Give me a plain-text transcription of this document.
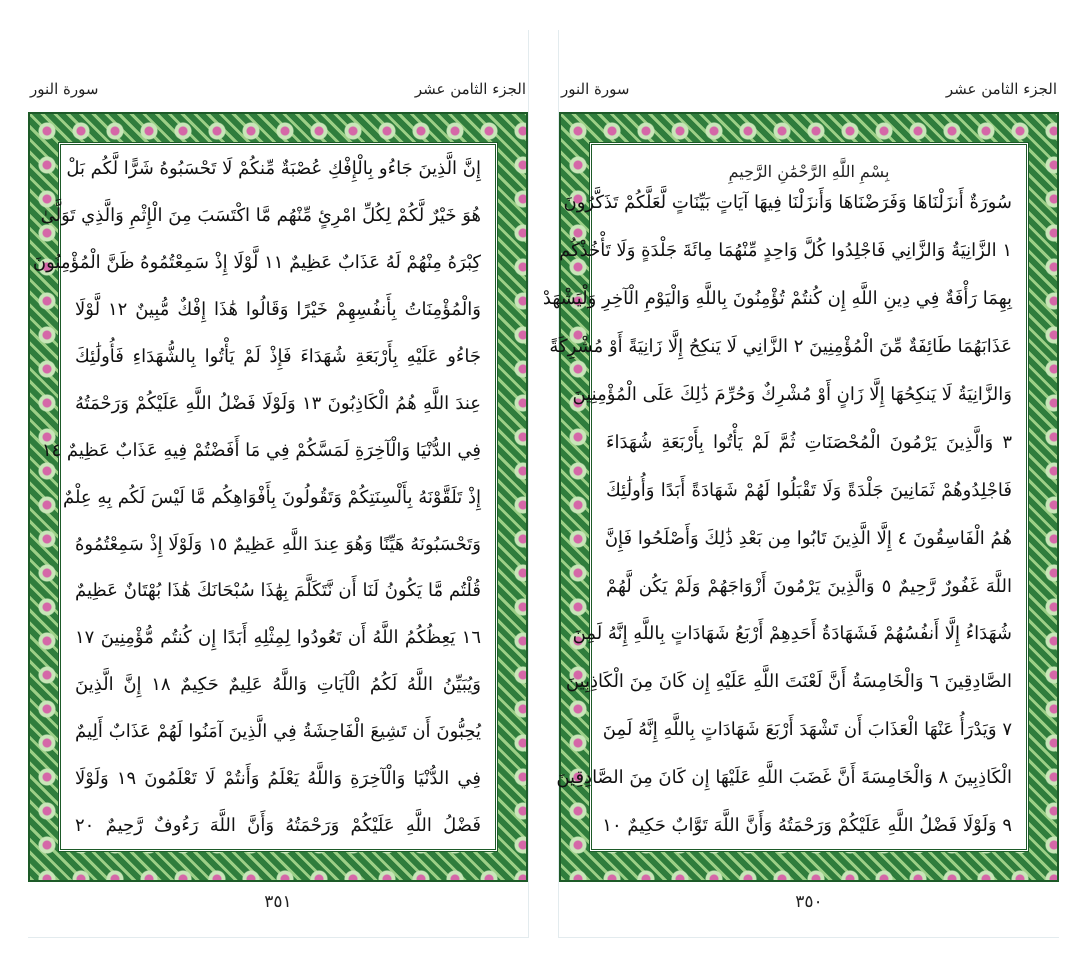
الجزء الثامن عشر
سورة النور
إِنَّ الَّذِينَ جَاءُو بِالْإِفْكِ عُصْبَةٌ مِّنكُمْ لَا تَحْسَبُوهُ شَرًّا لَّكُم بَلْ
هُوَ خَيْرٌ لَّكُمْ لِكُلِّ امْرِئٍ مِّنْهُم مَّا اكْتَسَبَ مِنَ الْإِثْمِ وَالَّذِي تَوَلَّىٰ
كِبْرَهُ مِنْهُمْ لَهُ عَذَابٌ عَظِيمٌ ١١ لَّوْلَا إِذْ سَمِعْتُمُوهُ ظَنَّ الْمُؤْمِنُونَ
وَالْمُؤْمِنَاتُ بِأَنفُسِهِمْ خَيْرًا وَقَالُوا هَٰذَا إِفْكٌ مُّبِينٌ ١٢ لَّوْلَا
جَاءُو عَلَيْهِ بِأَرْبَعَةِ شُهَدَاءَ فَإِذْ لَمْ يَأْتُوا بِالشُّهَدَاءِ فَأُولَٰئِكَ
عِندَ اللَّهِ هُمُ الْكَاذِبُونَ ١٣ وَلَوْلَا فَضْلُ اللَّهِ عَلَيْكُمْ وَرَحْمَتُهُ
فِي الدُّنْيَا وَالْآخِرَةِ لَمَسَّكُمْ فِي مَا أَفَضْتُمْ فِيهِ عَذَابٌ عَظِيمٌ ١٤
إِذْ تَلَقَّوْنَهُ بِأَلْسِنَتِكُمْ وَتَقُولُونَ بِأَفْوَاهِكُم مَّا لَيْسَ لَكُم بِهِ عِلْمٌ
وَتَحْسَبُونَهُ هَيِّنًا وَهُوَ عِندَ اللَّهِ عَظِيمٌ ١٥ وَلَوْلَا إِذْ سَمِعْتُمُوهُ
قُلْتُم مَّا يَكُونُ لَنَا أَن نَّتَكَلَّمَ بِهَٰذَا سُبْحَانَكَ هَٰذَا بُهْتَانٌ عَظِيمٌ
١٦ يَعِظُكُمُ اللَّهُ أَن تَعُودُوا لِمِثْلِهِ أَبَدًا إِن كُنتُم مُّؤْمِنِينَ ١٧
وَيُبَيِّنُ اللَّهُ لَكُمُ الْآيَاتِ وَاللَّهُ عَلِيمٌ حَكِيمٌ ١٨ إِنَّ الَّذِينَ
يُحِبُّونَ أَن تَشِيعَ الْفَاحِشَةُ فِي الَّذِينَ آمَنُوا لَهُمْ عَذَابٌ أَلِيمٌ
فِي الدُّنْيَا وَالْآخِرَةِ وَاللَّهُ يَعْلَمُ وَأَنتُمْ لَا تَعْلَمُونَ ١٩ وَلَوْلَا
فَضْلُ اللَّهِ عَلَيْكُمْ وَرَحْمَتُهُ وَأَنَّ اللَّهَ رَءُوفٌ رَّحِيمٌ ٢٠
٣٥١
الجزء الثامن عشر
سورة النور
بِسْمِ اللَّهِ الرَّحْمَٰنِ الرَّحِيمِ
سُورَةٌ أَنزَلْنَاهَا وَفَرَضْنَاهَا وَأَنزَلْنَا فِيهَا آيَاتٍ بَيِّنَاتٍ لَّعَلَّكُمْ تَذَكَّرُونَ
١ الزَّانِيَةُ وَالزَّانِي فَاجْلِدُوا كُلَّ وَاحِدٍ مِّنْهُمَا مِائَةَ جَلْدَةٍ وَلَا تَأْخُذْكُم
بِهِمَا رَأْفَةٌ فِي دِينِ اللَّهِ إِن كُنتُمْ تُؤْمِنُونَ بِاللَّهِ وَالْيَوْمِ الْآخِرِ وَلْيَشْهَدْ
عَذَابَهُمَا طَائِفَةٌ مِّنَ الْمُؤْمِنِينَ ٢ الزَّانِي لَا يَنكِحُ إِلَّا زَانِيَةً أَوْ مُشْرِكَةً
وَالزَّانِيَةُ لَا يَنكِحُهَا إِلَّا زَانٍ أَوْ مُشْرِكٌ وَحُرِّمَ ذَٰلِكَ عَلَى الْمُؤْمِنِينَ
٣ وَالَّذِينَ يَرْمُونَ الْمُحْصَنَاتِ ثُمَّ لَمْ يَأْتُوا بِأَرْبَعَةِ شُهَدَاءَ
فَاجْلِدُوهُمْ ثَمَانِينَ جَلْدَةً وَلَا تَقْبَلُوا لَهُمْ شَهَادَةً أَبَدًا وَأُولَٰئِكَ
هُمُ الْفَاسِقُونَ ٤ إِلَّا الَّذِينَ تَابُوا مِن بَعْدِ ذَٰلِكَ وَأَصْلَحُوا فَإِنَّ
اللَّهَ غَفُورٌ رَّحِيمٌ ٥ وَالَّذِينَ يَرْمُونَ أَزْوَاجَهُمْ وَلَمْ يَكُن لَّهُمْ
شُهَدَاءُ إِلَّا أَنفُسُهُمْ فَشَهَادَةُ أَحَدِهِمْ أَرْبَعُ شَهَادَاتٍ بِاللَّهِ إِنَّهُ لَمِنَ
الصَّادِقِينَ ٦ وَالْخَامِسَةُ أَنَّ لَعْنَتَ اللَّهِ عَلَيْهِ إِن كَانَ مِنَ الْكَاذِبِينَ
٧ وَيَدْرَأُ عَنْهَا الْعَذَابَ أَن تَشْهَدَ أَرْبَعَ شَهَادَاتٍ بِاللَّهِ إِنَّهُ لَمِنَ
الْكَاذِبِينَ ٨ وَالْخَامِسَةَ أَنَّ غَضَبَ اللَّهِ عَلَيْهَا إِن كَانَ مِنَ الصَّادِقِينَ
٩ وَلَوْلَا فَضْلُ اللَّهِ عَلَيْكُمْ وَرَحْمَتُهُ وَأَنَّ اللَّهَ تَوَّابٌ حَكِيمٌ ١٠
٣٥٠
